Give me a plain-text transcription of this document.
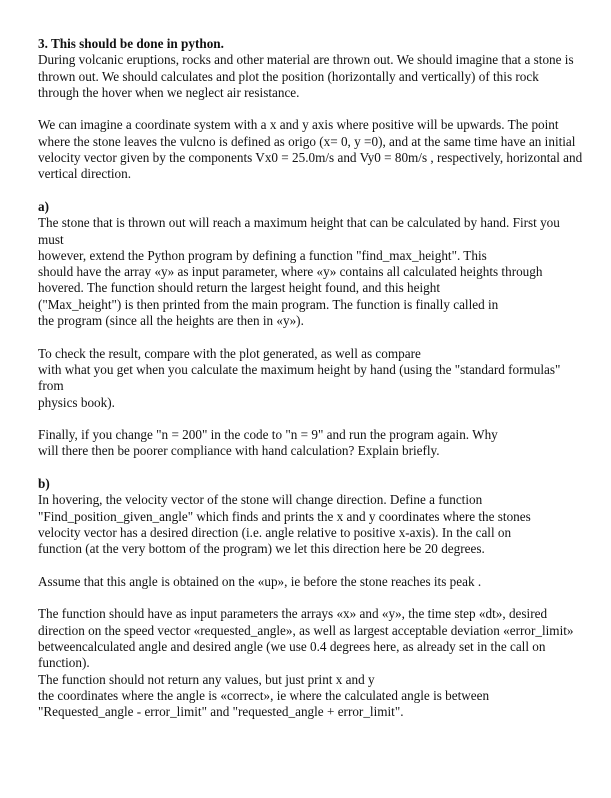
3. This should be done in python.
During volcanic eruptions, rocks and other material are thrown out. We should imagine that a stone is
thrown out. We should calculates and plot the position (horizontally and vertically) of this rock
through the hover when we neglect air resistance.
We can imagine a coordinate system with a x and y axis where positive will be upwards. The point
where the stone leaves the vulcno is defined as origo (x= 0, y =0), and at the same time have an initial
velocity vector given by the components Vx0 = 25.0m/s and Vy0 = 80m/s , respectively, horizontal and
vertical direction.
a)
The stone that is thrown out will reach a maximum height that can be calculated by hand. First you
must
however, extend the Python program by defining a function "find_max_height". This
should have the array «y» as input parameter, where «y» contains all calculated heights through
hovered. The function should return the largest height found, and this height
("Max_height") is then printed from the main program. The function is finally called in
the program (since all the heights are then in «y»).
To check the result, compare with the plot generated, as well as compare
with what you get when you calculate the maximum height by hand (using the "standard formulas"
from
physics book).
Finally, if you change "n = 200" in the code to "n = 9" and run the program again. Why
will there then be poorer compliance with hand calculation? Explain briefly.
b)
In hovering, the velocity vector of the stone will change direction. Define a function
"Find_position_given_angle" which finds and prints the x and y coordinates where the stones
velocity vector has a desired direction (i.e. angle relative to positive x-axis). In the call on
function (at the very bottom of the program) we let this direction here be 20 degrees.
Assume that this angle is obtained on the «up», ie before the stone reaches its peak .
The function should have as input parameters the arrays «x» and «y», the time step «dt», desired
direction on the speed vector «requested_angle», as well as largest acceptable deviation «error_limit»
betweencalculated angle and desired angle (we use 0.4 degrees here, as already set in the call on
function).
The function should not return any values, but just print x and y
the coordinates where the angle is «correct», ie where the calculated angle is between
"Requested_angle - error_limit" and "requested_angle + error_limit".
